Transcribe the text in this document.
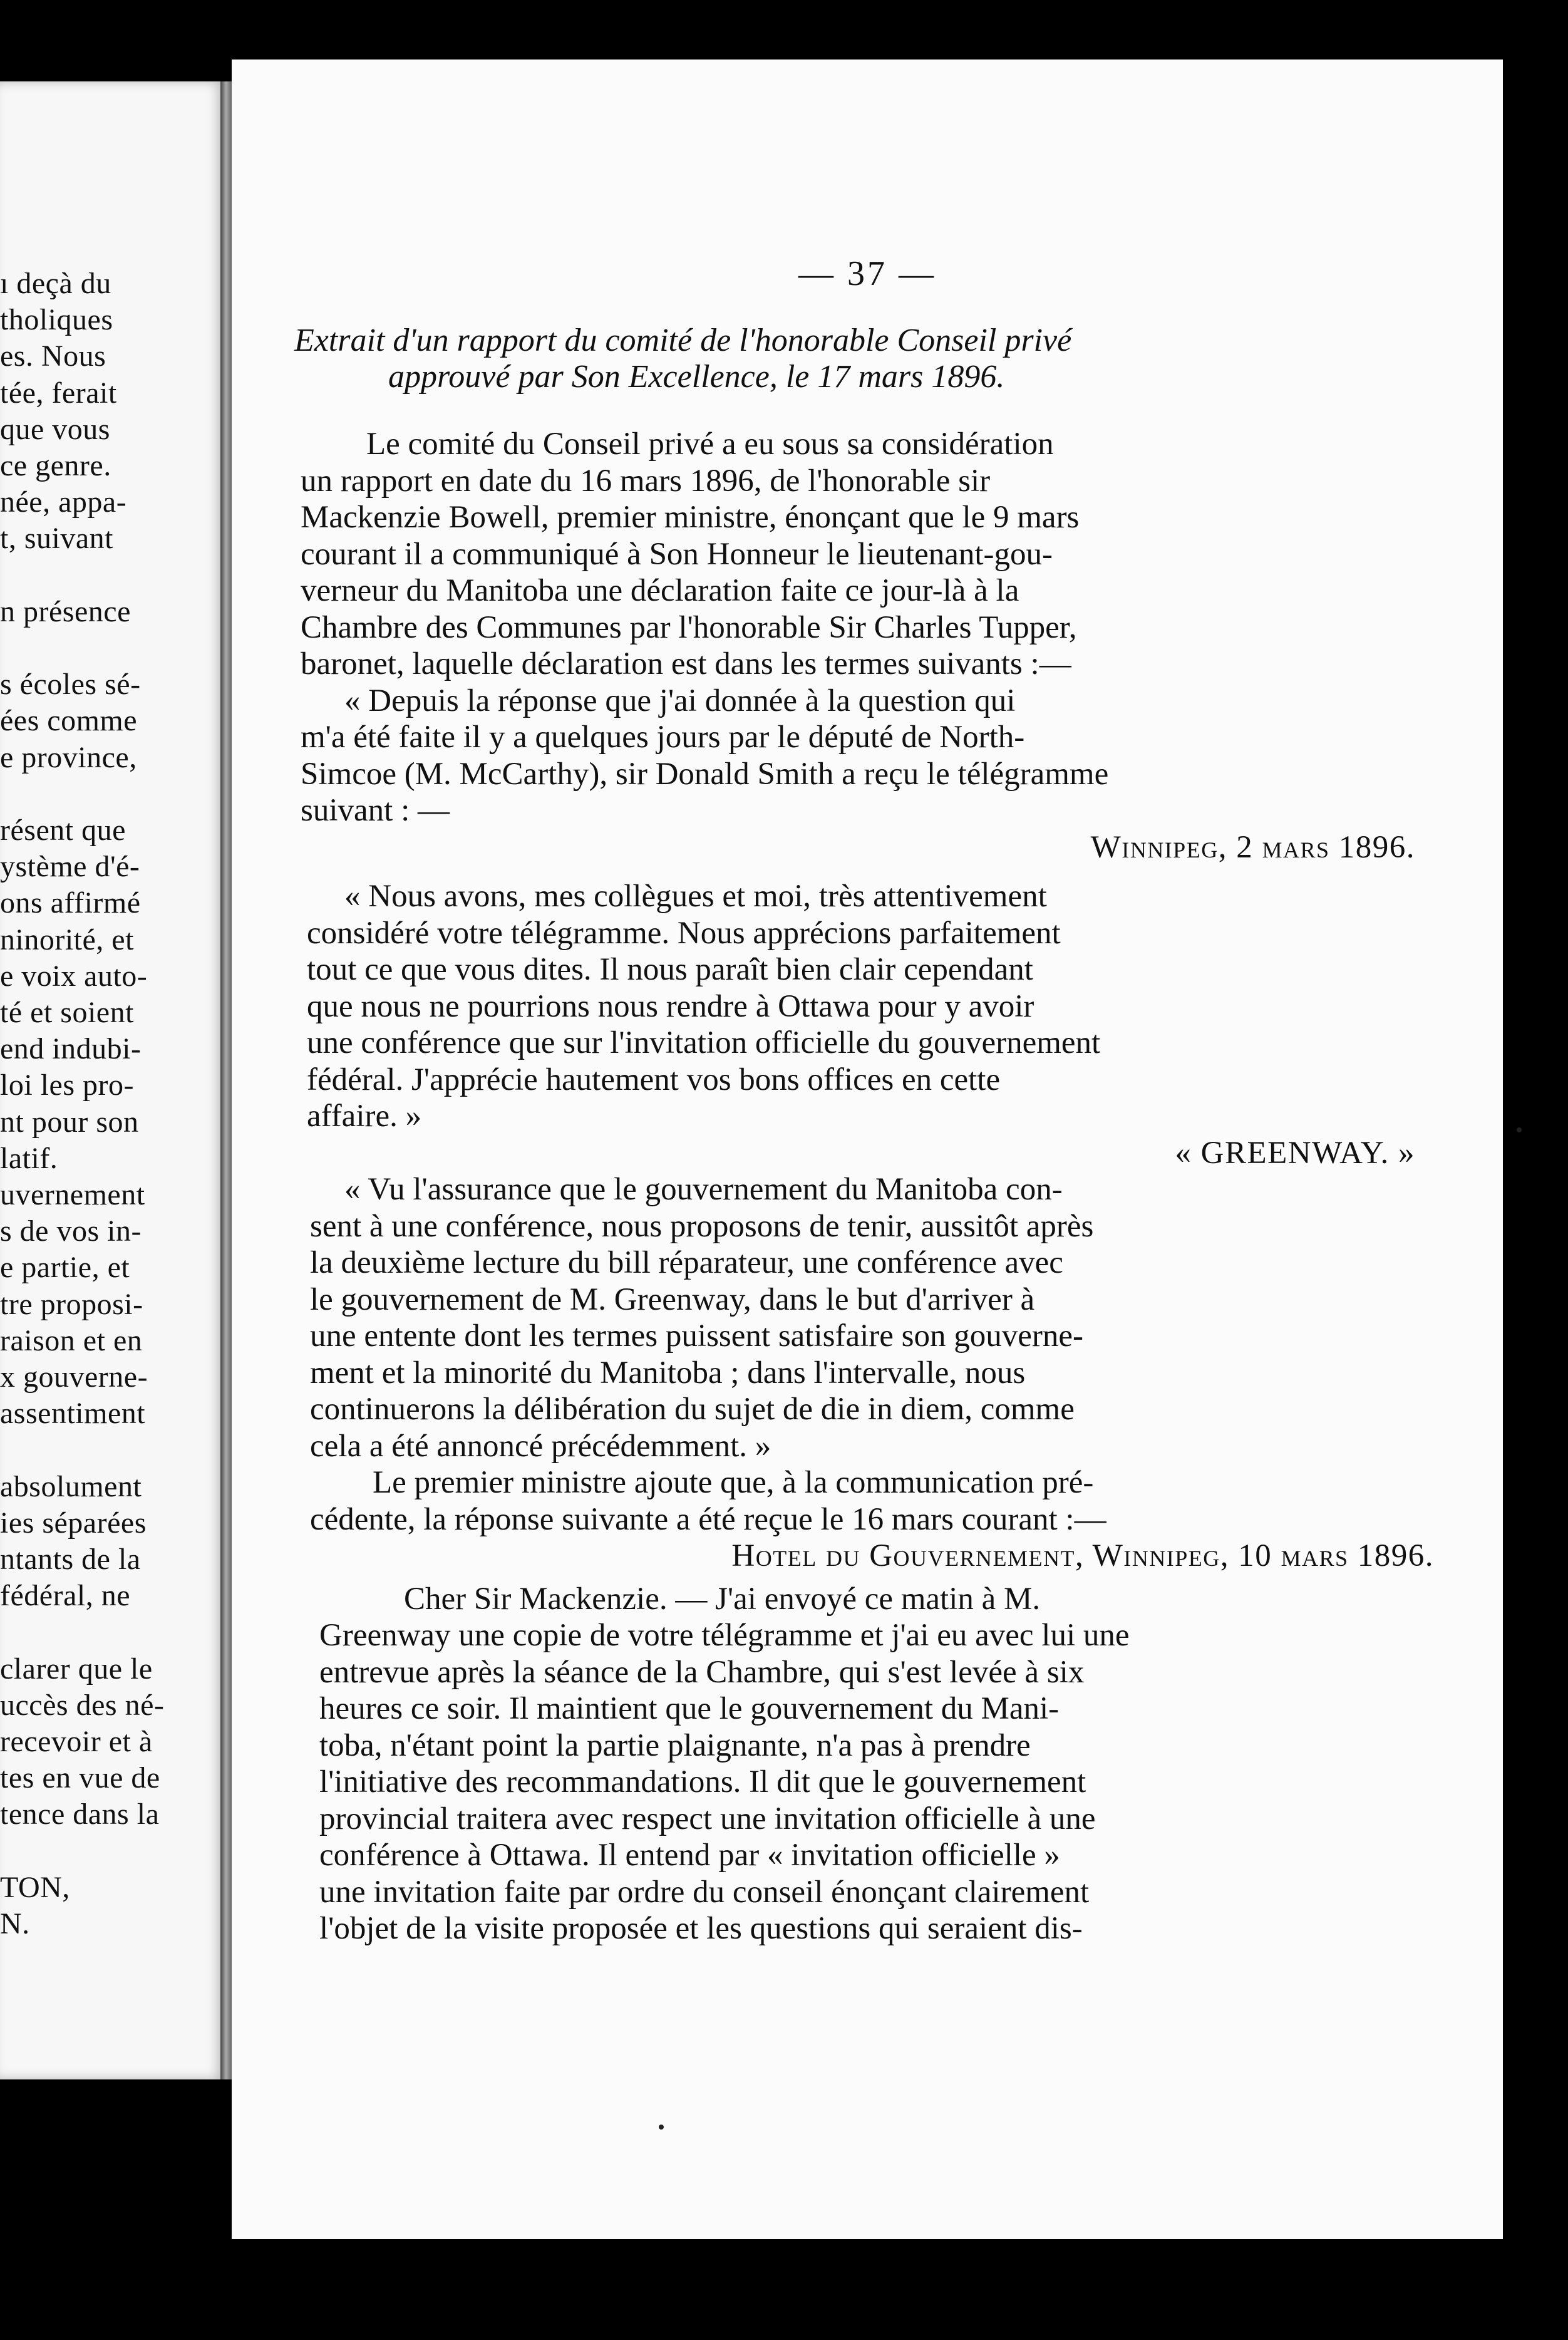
ı deçà du
tholiques
es. Nous
tée, ferait
que vous
ce genre.
née, appa-
t, suivant
n présence
s écoles sé-
ées comme
e province,
résent que
ystème d'é-
ons affirmé
ninorité, et
e voix auto-
té et soient
end indubi-
loi les pro-
nt pour son
latif.
uvernement
s de vos in-
e partie, et
tre proposi-
raison et en
x gouverne-
assentiment
absolument
ies séparées
ntants de la
fédéral, ne
clarer que le
uccès des né-
recevoir et à
tes en vue de
tence dans la
TON,
N.
— 37 —
Extrait d'un rapport du comité de l'honorable Conseil privé
approuvé par Son Excellence, le 17 mars 1896.
Le comité du Conseil privé a eu sous sa considération
un rapport en date du 16 mars 1896, de l'honorable sir
Mackenzie Bowell, premier ministre, énonçant que le 9 mars
courant il a communiqué à Son Honneur le lieutenant-gou-
verneur du Manitoba une déclaration faite ce jour-là à la
Chambre des Communes par l'honorable Sir Charles Tupper,
baronet, laquelle déclaration est dans les termes suivants :—
« Depuis la réponse que j'ai donnée à la question qui
m'a été faite il y a quelques jours par le député de North-
Simcoe (M. McCarthy), sir Donald Smith a reçu le télégramme
suivant : —
Winnipeg, 2 mars 1896.
« Nous avons, mes collègues et moi, très attentivement
considéré votre télégramme. Nous apprécions parfaitement
tout ce que vous dites. Il nous paraît bien clair cependant
que nous ne pourrions nous rendre à Ottawa pour y avoir
une conférence que sur l'invitation officielle du gouvernement
fédéral. J'apprécie hautement vos bons offices en cette
affaire. »
« GREENWAY. »
« Vu l'assurance que le gouvernement du Manitoba con-
sent à une conférence, nous proposons de tenir, aussitôt après
la deuxième lecture du bill réparateur, une conférence avec
le gouvernement de M. Greenway, dans le but d'arriver à
une entente dont les termes puissent satisfaire son gouverne-
ment et la minorité du Manitoba ; dans l'intervalle, nous
continuerons la délibération du sujet de die in diem, comme
cela a été annoncé précédemment. »
Le premier ministre ajoute que, à la communication pré-
cédente, la réponse suivante a été reçue le 16 mars courant :—
Hotel du Gouvernement, Winnipeg, 10 mars 1896.
Cher Sir Mackenzie. — J'ai envoyé ce matin à M.
Greenway une copie de votre télégramme et j'ai eu avec lui une
entrevue après la séance de la Chambre, qui s'est levée à six
heures ce soir. Il maintient que le gouvernement du Mani-
toba, n'étant point la partie plaignante, n'a pas à prendre
l'initiative des recommandations. Il dit que le gouvernement
provincial traitera avec respect une invitation officielle à une
conférence à Ottawa. Il entend par « invitation officielle »
une invitation faite par ordre du conseil énonçant clairement
l'objet de la visite proposée et les questions qui seraient dis-
